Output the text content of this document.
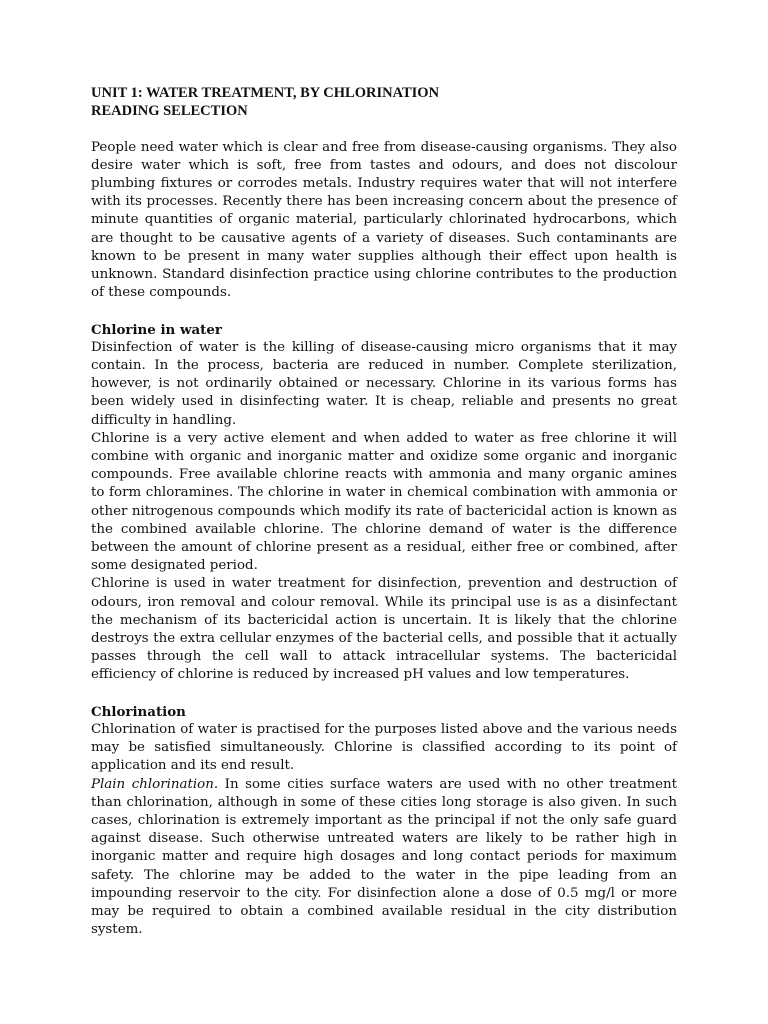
UNIT 1: WATER TREATMENT, BY CHLORINATION
READING SELECTION

People need water which is clear and free from disease-causing organisms. They also desire water which is soft, free from tastes and odours, and does not discolour plumbing fixtures or corrodes metals. Industry requires water that will not interfere with its processes. Recently there has been increasing concern about the presence of minute quantities of organic material, particularly chlorinated hydrocarbons, which are thought to be causative agents of a variety of diseases. Such contaminants are known to be present in many water supplies although their effect upon health is unknown. Standard disinfection practice using chlorine contributes to the production of these compounds.

Chlorine in water

Disinfection of water is the killing of disease-causing micro organisms that it may contain. In the process, bacteria are reduced in number. Complete sterilization, however, is not ordinarily obtained or necessary. Chlorine in its various forms has been widely used in disinfecting water. It is cheap, reliable and presents no great difficulty in handling.

Chlorine is a very active element and when added to water as free chlorine it will combine with organic and inorganic matter and oxidize some organic and inorganic compounds. Free available chlorine reacts with ammonia and many organic amines to form chloramines. The chlorine in water in chemical combination with ammonia or other nitrogenous compounds which modify its rate of bactericidal action is known as the combined available chlorine. The chlorine demand of water is the difference between the amount of chlorine present as a residual, either free or combined, after some designated period.

Chlorine is used in water treatment for disinfection, prevention and destruction of odours, iron removal and colour removal. While its principal use is as a disinfectant the mechanism of its bactericidal action is uncertain. It is likely that the chlorine destroys the extra cellular enzymes of the bacterial cells, and possible that it actually passes through the cell wall to attack intracellular systems. The bactericidal efficiency of chlorine is reduced by increased pH values and low temperatures.

Chlorination

Chlorination of water is practised for the purposes listed above and the various needs may be satisfied simultaneously. Chlorine is classified according to its point of application and its end result.

Plain chlorination. In some cities surface waters are used with no other treatment than chlorination, although in some of these cities long storage is also given. In such cases, chlorination is extremely important as the principal if not the only safe guard against disease. Such otherwise untreated waters are likely to be rather high in inorganic matter and require high dosages and long contact periods for maximum safety. The chlorine may be added to the water in the pipe leading from an impounding reservoir to the city. For disinfection alone a dose of 0.5 mg/l or more may be required to obtain a combined available residual in the city distribution system.
